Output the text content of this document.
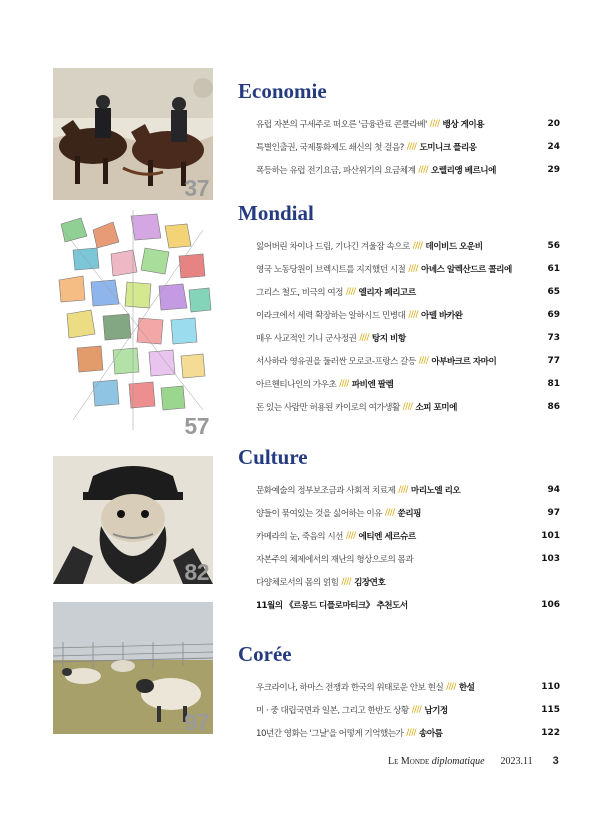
37
57
82
97
Economie
유럽 자본의 구세주로 떠오른 '금융관료 콘클라베' //// 뱅상 게이용	20
특별인출권, 국제통화제도 쇄신의 첫 걸음? //// 도미니크 플리옹	24
폭등하는 유럽 전기요금, 파산위기의 요금체계 //// 오렐리앵 베르니에	29
Mondial
잃어버린 차이나 드림, 기나긴 겨울잠 속으로 //// 데이비드 오운비	56
영국 노동당원이 브렉시트를 지지했던 시절 //// 아녜스 알렉산드르 콜리에	61
그리스 철도, 비극의 여정 //// 엘리자 페리고르	65
이라크에서 세력 확장하는 알하시드 민병대 //// 아델 바카완	69
매우 사교적인 기니 군사정권 //// 탕지 비항	73
서사하라 영유권을 둘러싼 모로코-프랑스 갈등 //// 아부바크르 자마이	77
아르헨티나인의 가우초 //// 파비엔 팔렘	81
돈 있는 사람만 허용된 카이로의 여가생활 //// 소피 포미에	86
Culture
문화예술의 정부보조금과 사회적 치료제 //// 마리노엘 리오	94
양들이 묶여있는 것을 싫어하는 이유 //// 쑨리핑	97
카메라의 눈, 죽음의 시선 //// 에티엔 세르슈르	101
자본주의 체제에서의 재난의 형상으로의 몸과	103
다양체로서의 몸의 얽힘 //// 김장연호
11월의 《르몽드 디플로마티크》 추천도서	106
Corée
우크라이나, 하마스 전쟁과 한국의 위태로운 안보 현실 //// 한설	110
미 · 중 대립국면과 일본, 그리고 한반도 상황 //// 남기정	115
10년간 영화는 '그날'을 어떻게 기억했는가 //// 송아름	122
Le Monde diplomatique 2023.11 3
